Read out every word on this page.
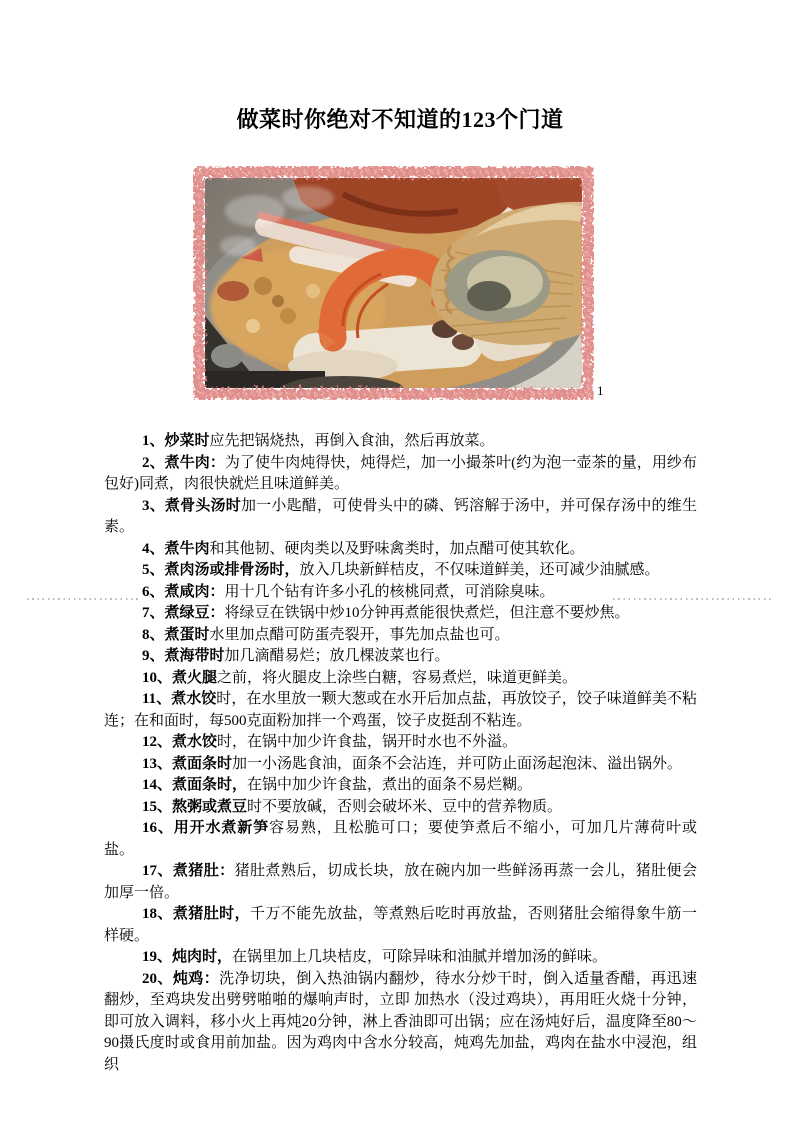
做菜时你绝对不知道的123个门道
1

1、炒菜时应先把锅烧热，再倒入食油，然后再放菜。

2、煮牛肉：为了使牛肉炖得快，炖得烂，加一小撮茶叶(约为泡一壶茶的量，用纱布包好)同煮，肉很快就烂且味道鲜美。

3、煮骨头汤时加一小匙醋，可使骨头中的磷、钙溶解于汤中，并可保存汤中的维生素。

4、煮牛肉和其他韧、硬肉类以及野味禽类时，加点醋可使其软化。

5、煮肉汤或排骨汤时，放入几块新鲜桔皮，不仅味道鲜美，还可减少油腻感。

6、煮咸肉：用十几个钻有许多小孔的核桃同煮，可消除臭味。

7、煮绿豆：将绿豆在铁锅中炒10分钟再煮能很快煮烂，但注意不要炒焦。

8、煮蛋时水里加点醋可防蛋壳裂开，事先加点盐也可。

9、煮海带时加几滴醋易烂；放几棵波菜也行。

10、煮火腿之前，将火腿皮上涂些白糖，容易煮烂，味道更鲜美。

11、煮水饺时，在水里放一颗大葱或在水开后加点盐，再放饺子，饺子味道鲜美不粘连；在和面时，每500克面粉加拌一个鸡蛋，饺子皮挺刮不粘连。

12、煮水饺时，在锅中加少许食盐，锅开时水也不外溢。

13、煮面条时加一小汤匙食油，面条不会沾连，并可防止面汤起泡沫、溢出锅外。

14、煮面条时，在锅中加少许食盐，煮出的面条不易烂糊。

15、熬粥或煮豆时不要放碱，否则会破坏米、豆中的营养物质。

16、用开水煮新笋容易熟，且松脆可口；要使笋煮后不缩小，可加几片薄荷叶或盐。

17、煮猪肚：猪肚煮熟后，切成长块，放在碗内加一些鲜汤再蒸一会儿，猪肚便会加厚一倍。

18、煮猪肚时，千万不能先放盐，等煮熟后吃时再放盐，否则猪肚会缩得象牛筋一样硬。

19、炖肉时，在锅里加上几块桔皮，可除异味和油腻并增加汤的鲜味。

20、炖鸡：洗净切块，倒入热油锅内翻炒，待水分炒干时，倒入适量香醋，再迅速翻炒，至鸡块发出劈劈啪啪的爆响声时，立即 加热水（没过鸡块），再用旺火烧十分钟，即可放入调料，移小火上再炖20分钟，淋上香油即可出锅；应在汤炖好后，温度降至80～90摄氏度时或食用前加盐。因为鸡肉中含水分较高，炖鸡先加盐，鸡肉在盐水中浸泡，组织
